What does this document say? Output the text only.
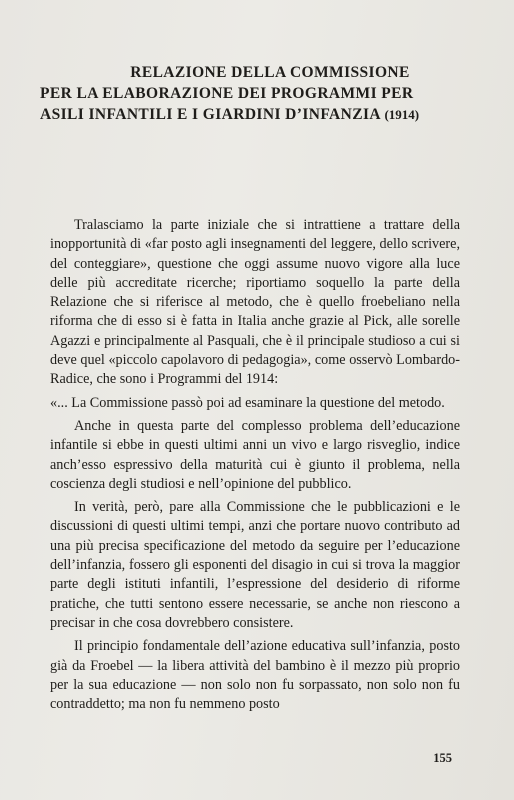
RELAZIONE DELLA COMMISSIONE
PER LA ELABORAZIONE DEI PROGRAMMI PER
ASILI INFANTILI E I GIARDINI D’INFANZIA (1914)

Tralasciamo la parte iniziale che si intrattiene a trattare della inopportunità di «far posto agli insegnamenti del leggere, dello scrivere, del conteggiare», questione che oggi assume nuovo vigore alla luce delle più accreditate ricerche; riportiamo soquello la parte della Relazione che si riferisce al metodo, che è quello froebeliano nella riforma che di esso si è fatta in Italia anche grazie al Pick, alle sorelle Agazzi e principalmente al Pasquali, che è il principale studioso a cui si deve quel «piccolo capolavoro di pedagogia», come osservò Lombardo-Radice, che sono i Programmi del 1914:

«... La Commissione passò poi ad esaminare la questione del metodo.

Anche in questa parte del complesso problema dell’educazione infantile si ebbe in questi ultimi anni un vivo e largo risveglio, indice anch’esso espressivo della maturità cui è giunto il problema, nella coscienza degli studiosi e nell’opinione del pubblico.

In verità, però, pare alla Commissione che le pubblicazioni e le discussioni di questi ultimi tempi, anzi che portare nuovo contributo ad una più precisa specificazione del metodo da seguire per l’educazione dell’infanzia, fossero gli esponenti del disagio in cui si trova la maggior parte degli istituti infantili, l’espressione del desiderio di riforme pratiche, che tutti sentono essere necessarie, se anche non riescono a precisar in che cosa dovrebbero consistere.

Il principio fondamentale dell’azione educativa sull’infanzia, posto già da Froebel — la libera attività del bambino è il mezzo più proprio per la sua educazione — non solo non fu sorpassato, non solo non fu contraddetto; ma non fu nemmeno posto

155
